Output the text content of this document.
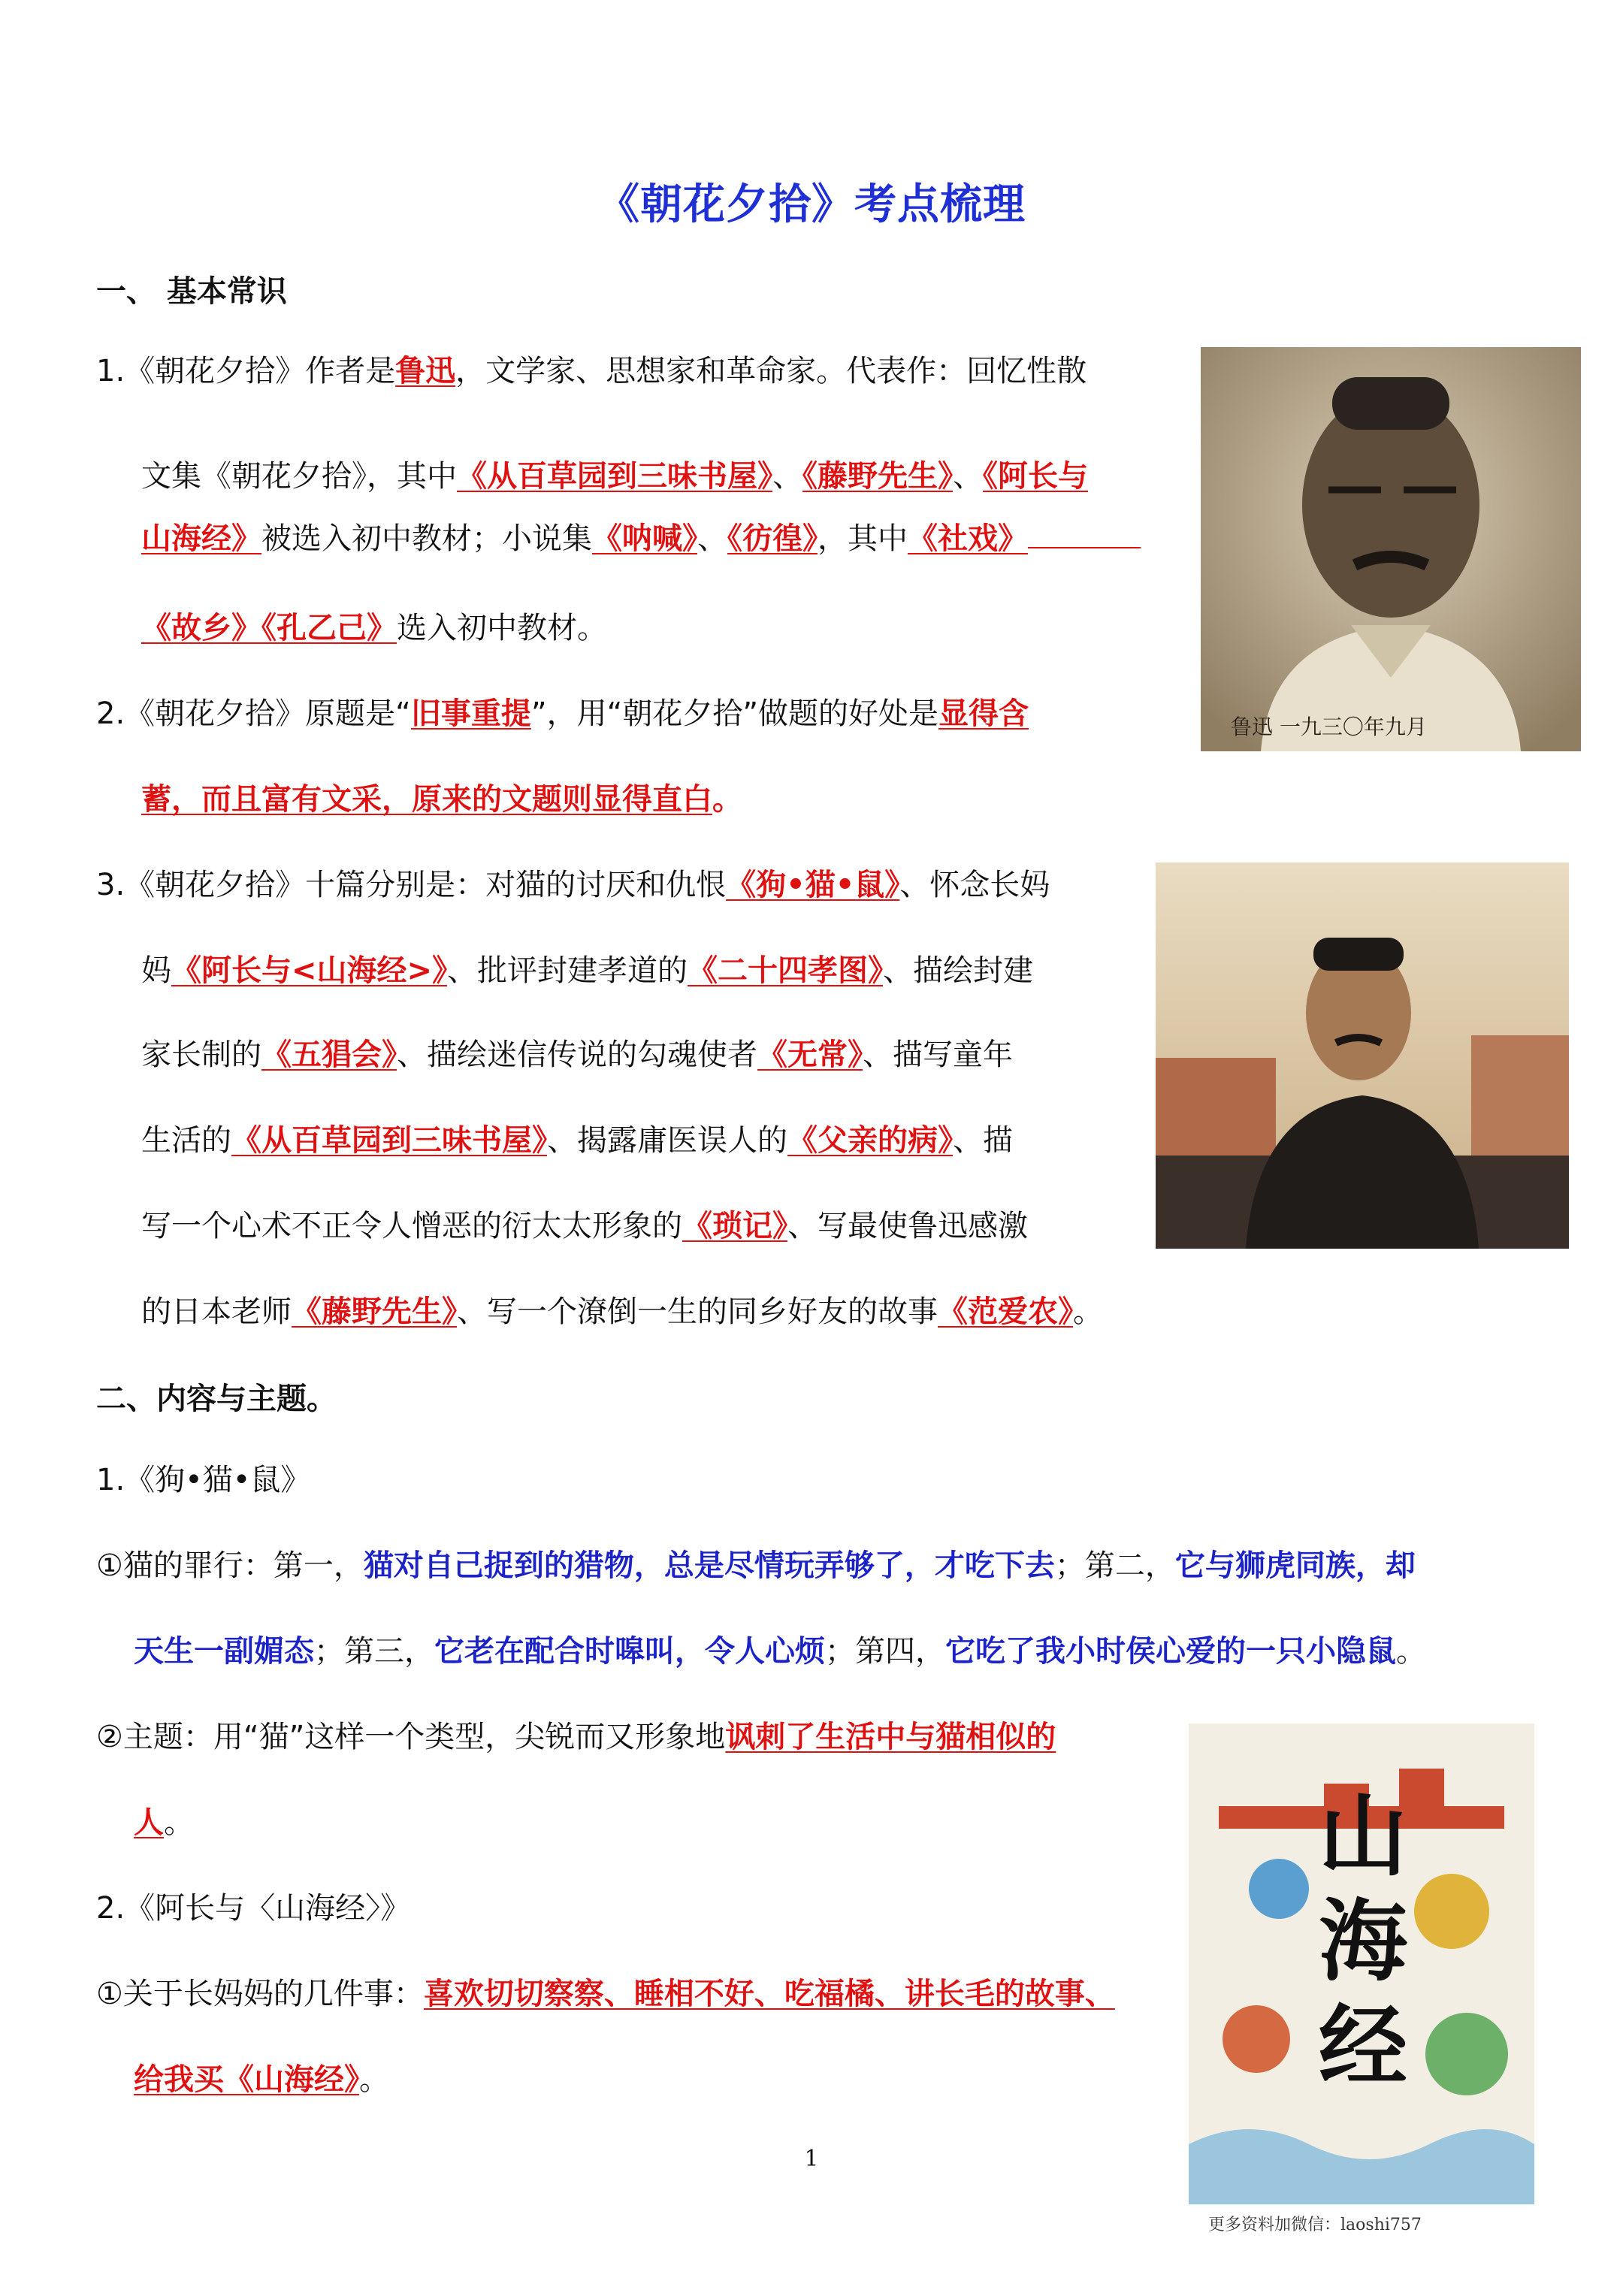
《朝花夕拾》考点梳理
一、 基本常识
1.《朝花夕拾》作者是鲁迅，文学家、思想家和革命家。代表作：回忆性散
文集《朝花夕拾》，其中《从百草园到三味书屋》、《藤野先生》、《阿长与
山海经》被选入初中教材；小说集《呐喊》、《彷徨》，其中《社戏》
《故乡》《孔乙己》选入初中教材。
2.《朝花夕拾》原题是“旧事重提”，用“朝花夕拾”做题的好处是显得含
蓄，而且富有文采，原来的文题则显得直白。
3.《朝花夕拾》十篇分别是：对猫的讨厌和仇恨《狗•猫•鼠》、怀念长妈
妈《阿长与<山海经>》、批评封建孝道的《二十四孝图》、描绘封建
家长制的《五猖会》、描绘迷信传说的勾魂使者《无常》、描写童年
生活的《从百草园到三味书屋》、揭露庸医误人的《父亲的病》、描
写一个心术不正令人憎恶的衍太太形象的《琐记》、写最使鲁迅感激
的日本老师《藤野先生》、写一个潦倒一生的同乡好友的故事《范爱农》。
二、内容与主题。
1.《狗•猫•鼠》
①猫的罪行：第一，猫对自己捉到的猎物，总是尽情玩弄够了，才吃下去；第二，它与狮虎同族，却
天生一副媚态；第三，它老在配合时嗥叫，令人心烦；第四，它吃了我小时侯心爱的一只小隐鼠。
②主题：用“猫”这样一个类型，尖锐而又形象地讽刺了生活中与猫相似的
人。
2.《阿长与〈山海经〉》
①关于长妈妈的几件事：喜欢切切察察、睡相不好、吃福橘、讲长毛的故事、
给我买《山海经》。
鲁迅 一九三〇年九月
山
海
经
1
更多资料加微信：laoshi757
